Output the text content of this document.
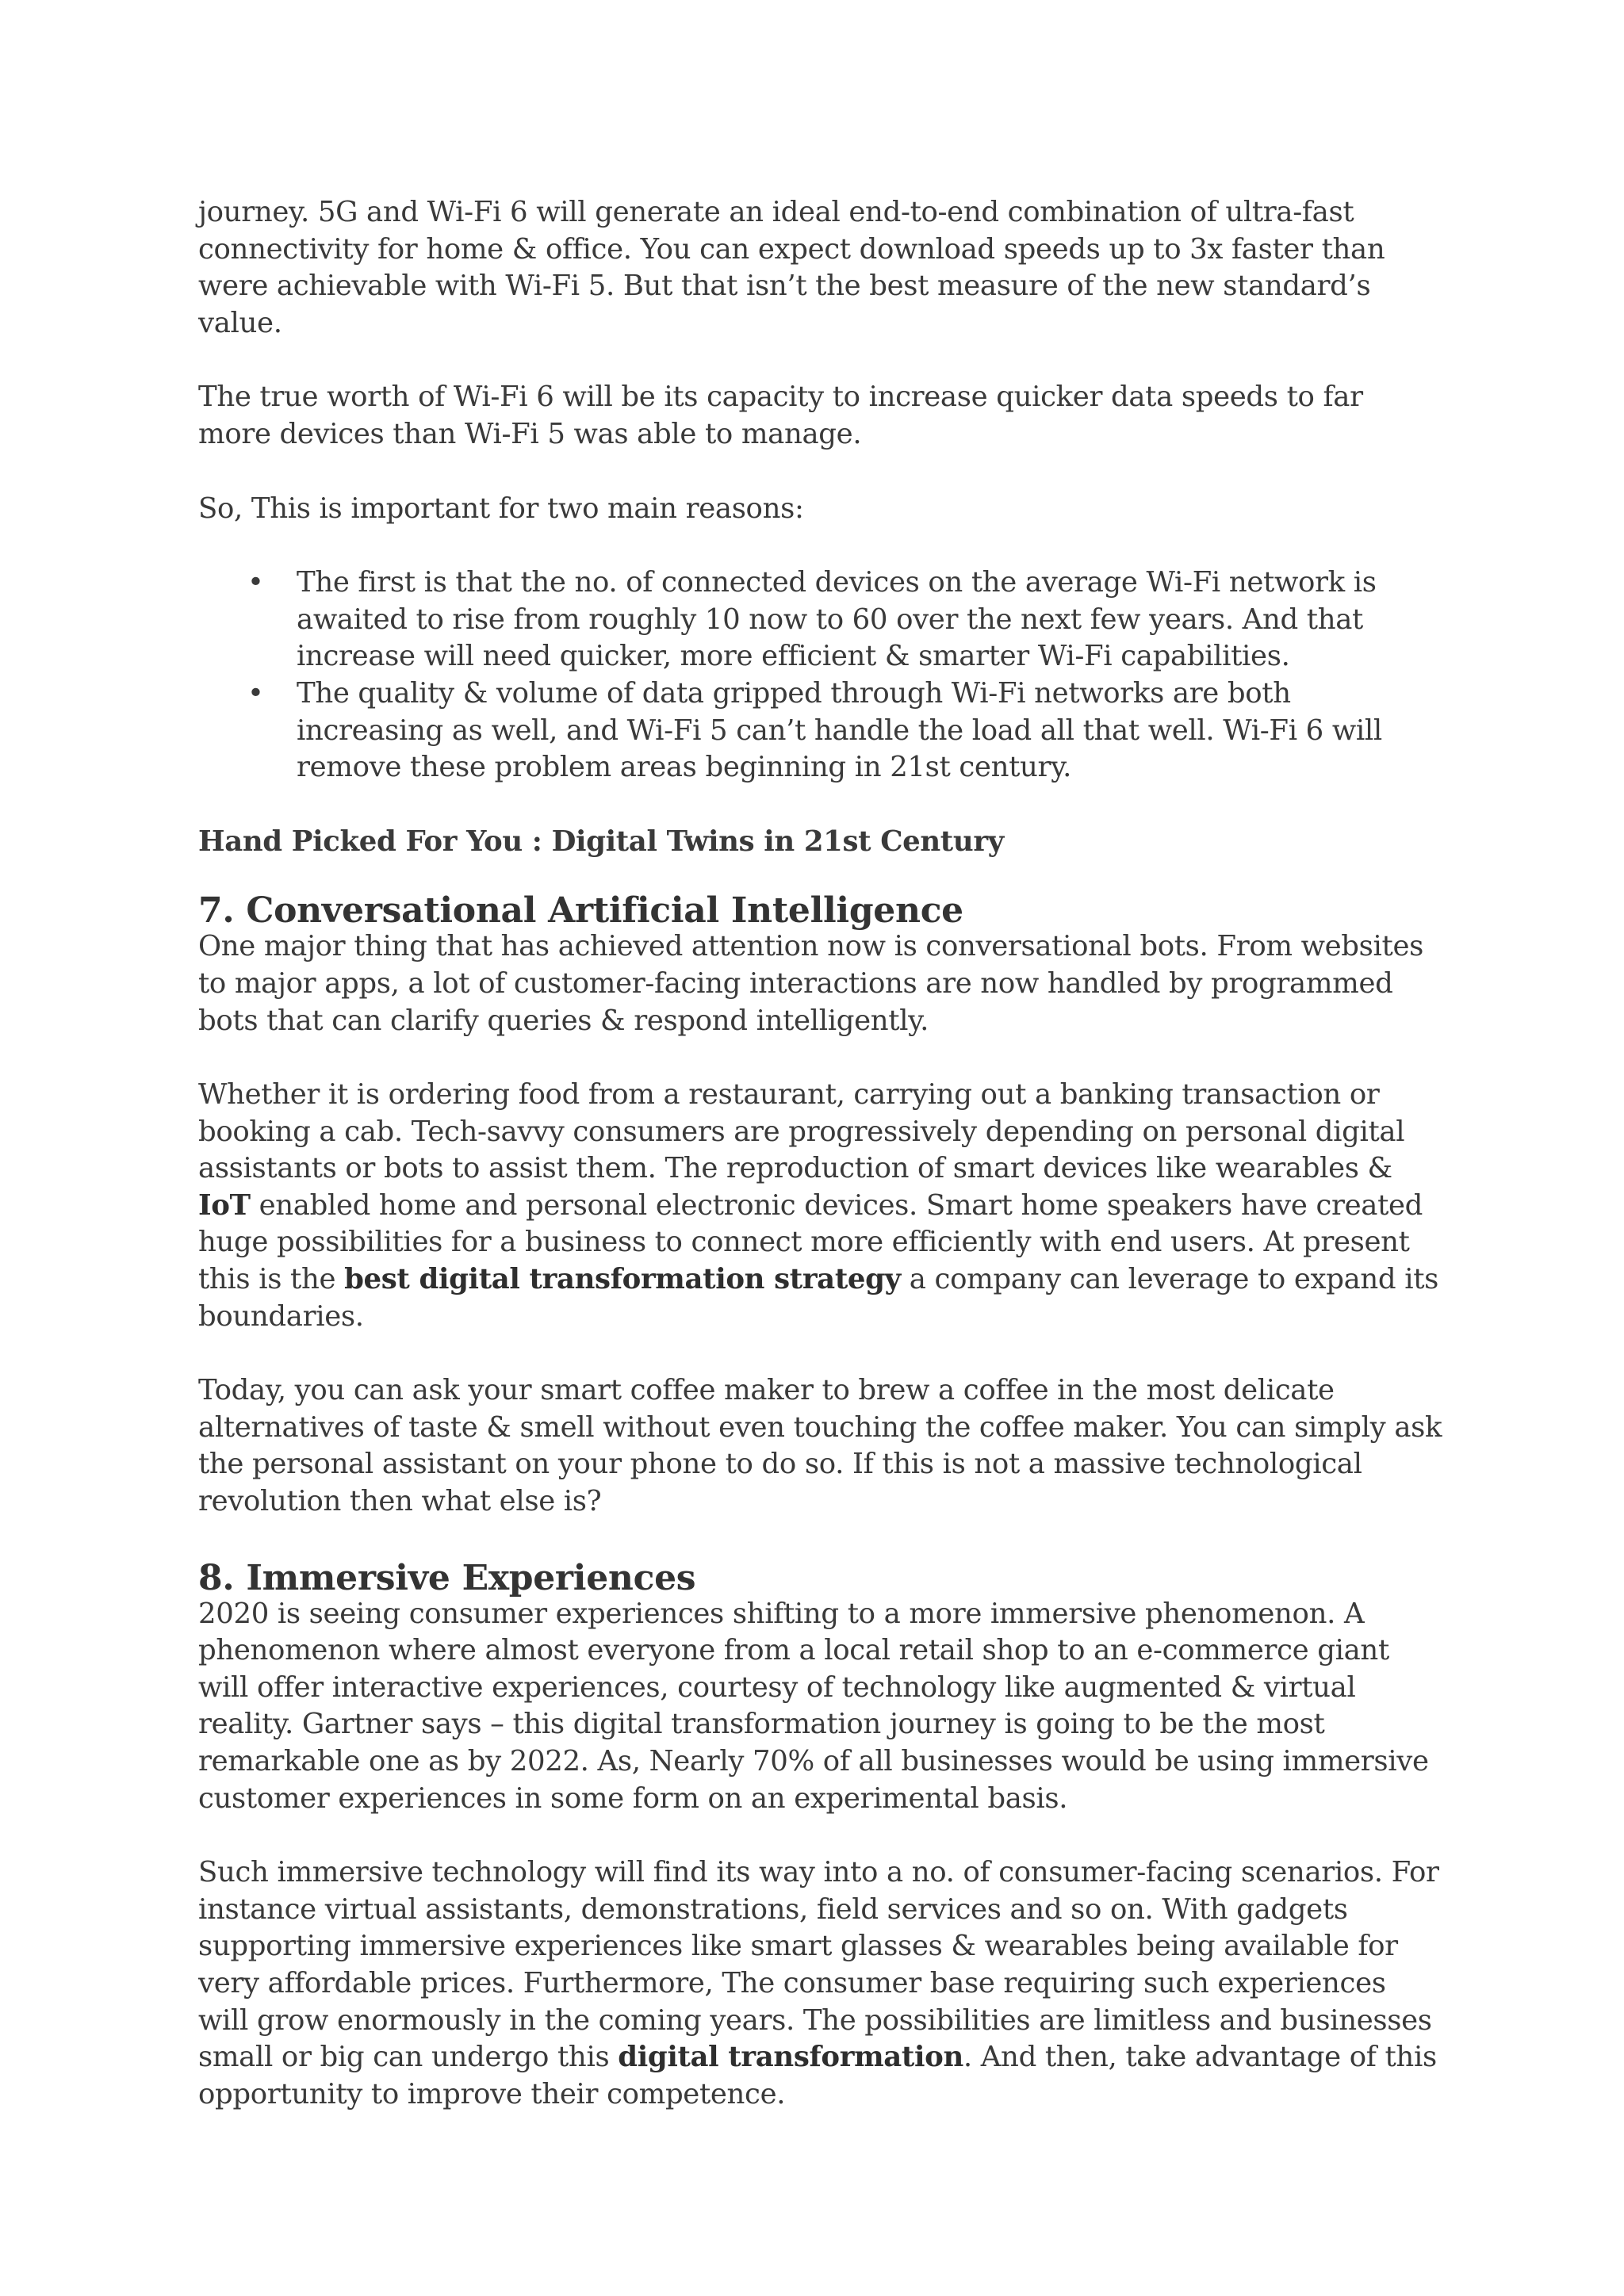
journey. 5G and Wi-Fi 6 will generate an ideal end-to-end combination of ultra-fast connectivity for home & office. You can expect download speeds up to 3x faster than were achievable with Wi-Fi 5. But that isn’t the best measure of the new standard’s value.

The true worth of Wi-Fi 6 will be its capacity to increase quicker data speeds to far more devices than Wi-Fi 5 was able to manage.

So, This is important for two main reasons:

• The first is that the no. of connected devices on the average Wi-Fi network is awaited to rise from roughly 10 now to 60 over the next few years. And that increase will need quicker, more efficient & smarter Wi-Fi capabilities.
• The quality & volume of data gripped through Wi-Fi networks are both increasing as well, and Wi-Fi 5 can’t handle the load all that well. Wi-Fi 6 will remove these problem areas beginning in 21st century.

Hand Picked For You : Digital Twins in 21st Century

7. Conversational Artificial Intelligence

One major thing that has achieved attention now is conversational bots. From websites to major apps, a lot of customer-facing interactions are now handled by programmed bots that can clarify queries & respond intelligently.

Whether it is ordering food from a restaurant, carrying out a banking transaction or booking a cab. Tech-savvy consumers are progressively depending on personal digital assistants or bots to assist them. The reproduction of smart devices like wearables & IoT enabled home and personal electronic devices. Smart home speakers have created huge possibilities for a business to connect more efficiently with end users. At present this is the best digital transformation strategy a company can leverage to expand its boundaries.

Today, you can ask your smart coffee maker to brew a coffee in the most delicate alternatives of taste & smell without even touching the coffee maker. You can simply ask the personal assistant on your phone to do so. If this is not a massive technological revolution then what else is?

8. Immersive Experiences

2020 is seeing consumer experiences shifting to a more immersive phenomenon. A phenomenon where almost everyone from a local retail shop to an e-commerce giant will offer interactive experiences, courtesy of technology like augmented & virtual reality. Gartner says – this digital transformation journey is going to be the most remarkable one as by 2022. As, Nearly 70% of all businesses would be using immersive customer experiences in some form on an experimental basis.

Such immersive technology will find its way into a no. of consumer-facing scenarios. For instance virtual assistants, demonstrations, field services and so on. With gadgets supporting immersive experiences like smart glasses & wearables being available for very affordable prices. Furthermore, The consumer base requiring such experiences will grow enormously in the coming years. The possibilities are limitless and businesses small or big can undergo this digital transformation. And then, take advantage of this opportunity to improve their competence.
